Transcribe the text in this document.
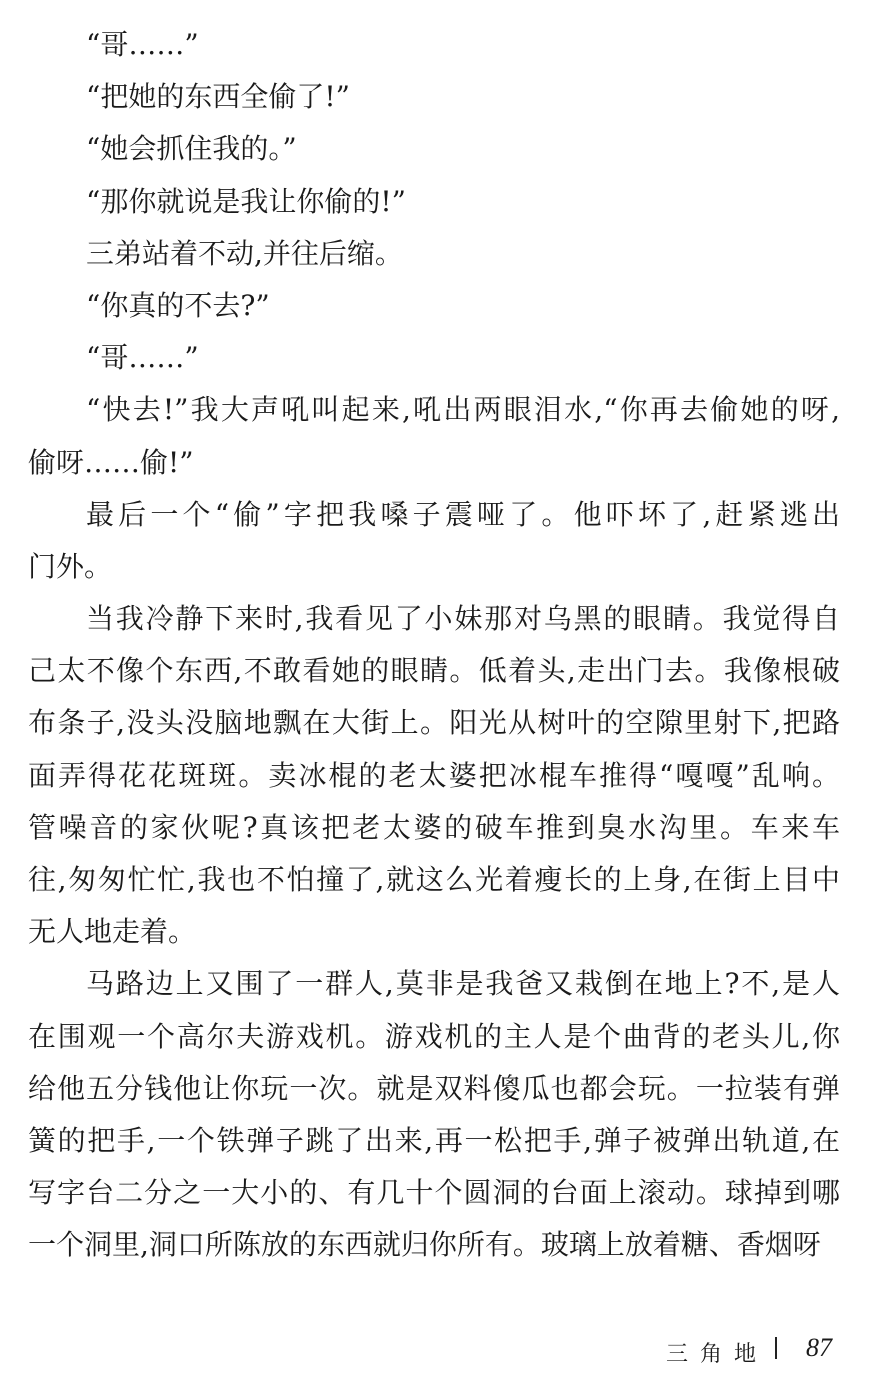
“哥……”
“把她的东西全偷了!”
“她会抓住我的。”
“那你就说是我让你偷的!”
三弟站着不动,并往后缩。
“你真的不去?”
“哥……”
“快去!”我大声吼叫起来,吼出两眼泪水,“你再去偷她的呀,
偷呀……偷!”
最后一个“偷”字把我嗓子震哑了。他吓坏了,赶紧逃出
门外。
当我冷静下来时,我看见了小妹那对乌黑的眼睛。我觉得自
己太不像个东西,不敢看她的眼睛。低着头,走出门去。我像根破
布条子,没头没脑地飘在大街上。阳光从树叶的空隙里射下,把路
面弄得花花斑斑。卖冰棍的老太婆把冰棍车推得“嘎嘎”乱响。
管噪音的家伙呢?真该把老太婆的破车推到臭水沟里。车来车
往,匆匆忙忙,我也不怕撞了,就这么光着瘦长的上身,在街上目中
无人地走着。
马路边上又围了一群人,莫非是我爸又栽倒在地上?不,是人
在围观一个高尔夫游戏机。游戏机的主人是个曲背的老头儿,你
给他五分钱他让你玩一次。就是双料傻瓜也都会玩。一拉装有弹
簧的把手,一个铁弹子跳了出来,再一松把手,弹子被弹出轨道,在
写字台二分之一大小的、有几十个圆洞的台面上滚动。球掉到哪
一个洞里,洞口所陈放的东西就归你所有。玻璃上放着糖、香烟呀
三角地 87
